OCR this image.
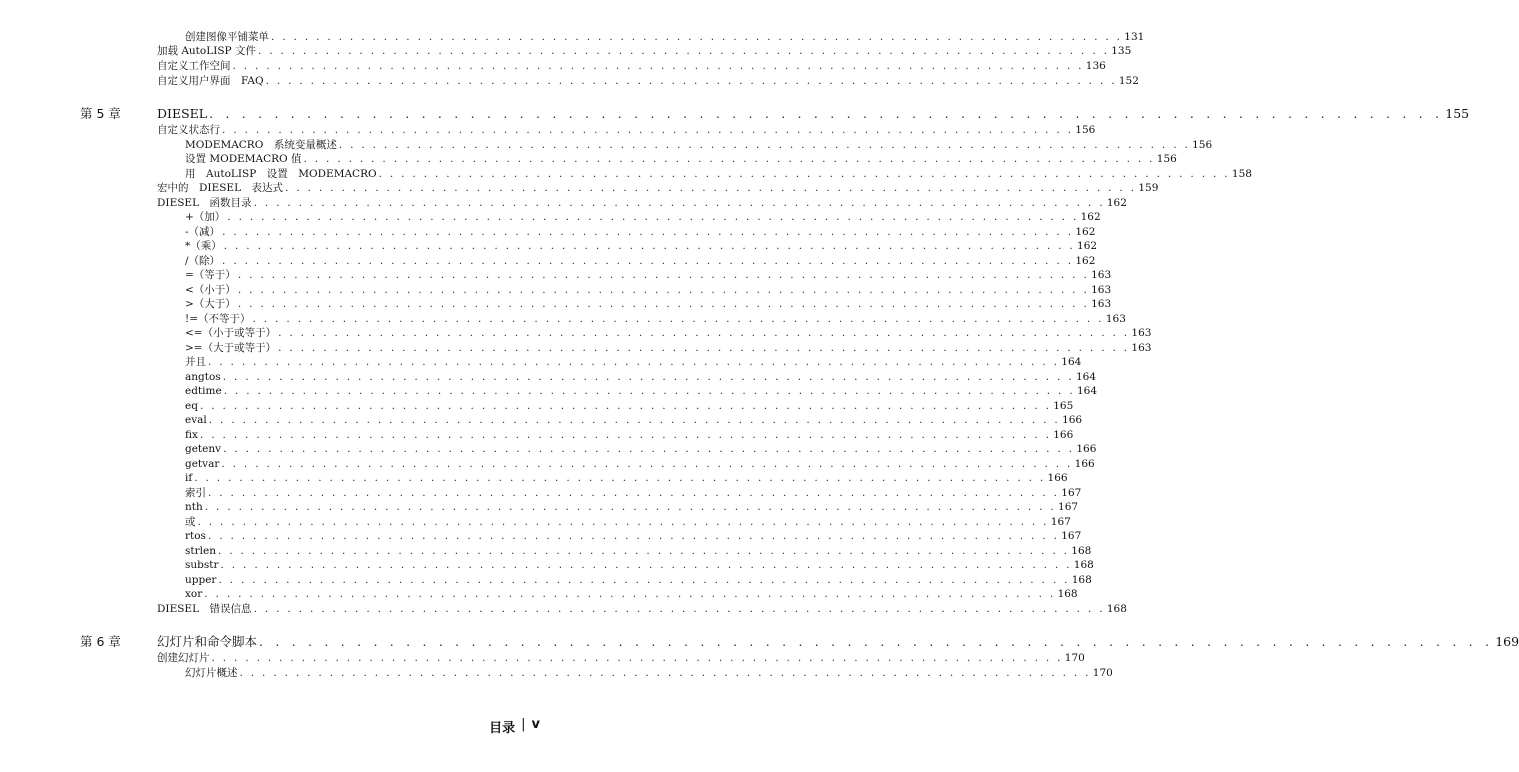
创建图像平铺菜单 . . . . . . . . . . . . . . . . . . . . . . . . . . . . . . . . . . . . . . . . . . . . . . . . . . . . . . . . . . . . . . . . . . . . . . . . . . . . 131
加载 AutoLISP 文件 . . . . . . . . . . . . . . . . . . . . . . . . . . . . . . . . . . . . . . . . . . . . . . . . . . . . . . . . . . . . . . . . . . . . . . . . . . . . 135
自定义工作空间 . . . . . . . . . . . . . . . . . . . . . . . . . . . . . . . . . . . . . . . . . . . . . . . . . . . . . . . . . . . . . . . . . . . . . . . . . . . . 136
自定义用户界面　FAQ . . . . . . . . . . . . . . . . . . . . . . . . . . . . . . . . . . . . . . . . . . . . . . . . . . . . . . . . . . . . . . . . . . . . . . . . . . . . 152
第 5 章	DIESEL . . . . . . . . . . . . . . . . . . . . . . . . . . . . . . . . . . . . . . . . . . . . . . . . . . . . . . . . . . . . . . . . . . . . . . . . . . . . 155
自定义状态行 . . . . . . . . . . . . . . . . . . . . . . . . . . . . . . . . . . . . . . . . . . . . . . . . . . . . . . . . . . . . . . . . . . . . . . . . . . . . 156
MODEMACRO　系统变量概述 . . . . . . . . . . . . . . . . . . . . . . . . . . . . . . . . . . . . . . . . . . . . . . . . . . . . . . . . . . . . . . . . . . . . . . . . . . . . 156
设置 MODEMACRO 值 . . . . . . . . . . . . . . . . . . . . . . . . . . . . . . . . . . . . . . . . . . . . . . . . . . . . . . . . . . . . . . . . . . . . . . . . . . . . 156
用　AutoLISP　设置　MODEMACRO . . . . . . . . . . . . . . . . . . . . . . . . . . . . . . . . . . . . . . . . . . . . . . . . . . . . . . . . . . . . . . . . . . . . . . . . . . . . 158
宏中的　DIESEL　表达式 . . . . . . . . . . . . . . . . . . . . . . . . . . . . . . . . . . . . . . . . . . . . . . . . . . . . . . . . . . . . . . . . . . . . . . . . . . . . 159
DIESEL　函数目录 . . . . . . . . . . . . . . . . . . . . . . . . . . . . . . . . . . . . . . . . . . . . . . . . . . . . . . . . . . . . . . . . . . . . . . . . . . . . 162
+（加） . . . . . . . . . . . . . . . . . . . . . . . . . . . . . . . . . . . . . . . . . . . . . . . . . . . . . . . . . . . . . . . . . . . . . . . . . . . . 162
-（减） . . . . . . . . . . . . . . . . . . . . . . . . . . . . . . . . . . . . . . . . . . . . . . . . . . . . . . . . . . . . . . . . . . . . . . . . . . . . 162
*（乘） . . . . . . . . . . . . . . . . . . . . . . . . . . . . . . . . . . . . . . . . . . . . . . . . . . . . . . . . . . . . . . . . . . . . . . . . . . . . 162
/（除） . . . . . . . . . . . . . . . . . . . . . . . . . . . . . . . . . . . . . . . . . . . . . . . . . . . . . . . . . . . . . . . . . . . . . . . . . . . . 162
=（等于） . . . . . . . . . . . . . . . . . . . . . . . . . . . . . . . . . . . . . . . . . . . . . . . . . . . . . . . . . . . . . . . . . . . . . . . . . . . . 163
<（小于） . . . . . . . . . . . . . . . . . . . . . . . . . . . . . . . . . . . . . . . . . . . . . . . . . . . . . . . . . . . . . . . . . . . . . . . . . . . . 163
>（大于） . . . . . . . . . . . . . . . . . . . . . . . . . . . . . . . . . . . . . . . . . . . . . . . . . . . . . . . . . . . . . . . . . . . . . . . . . . . . 163
!=（不等于） . . . . . . . . . . . . . . . . . . . . . . . . . . . . . . . . . . . . . . . . . . . . . . . . . . . . . . . . . . . . . . . . . . . . . . . . . . . . 163
<=（小于或等于） . . . . . . . . . . . . . . . . . . . . . . . . . . . . . . . . . . . . . . . . . . . . . . . . . . . . . . . . . . . . . . . . . . . . . . . . . . . . 163
>=（大于或等于） . . . . . . . . . . . . . . . . . . . . . . . . . . . . . . . . . . . . . . . . . . . . . . . . . . . . . . . . . . . . . . . . . . . . . . . . . . . . 163
并且 . . . . . . . . . . . . . . . . . . . . . . . . . . . . . . . . . . . . . . . . . . . . . . . . . . . . . . . . . . . . . . . . . . . . . . . . . . . . 164
angtos . . . . . . . . . . . . . . . . . . . . . . . . . . . . . . . . . . . . . . . . . . . . . . . . . . . . . . . . . . . . . . . . . . . . . . . . . . . . 164
edtime . . . . . . . . . . . . . . . . . . . . . . . . . . . . . . . . . . . . . . . . . . . . . . . . . . . . . . . . . . . . . . . . . . . . . . . . . . . . 164
eq . . . . . . . . . . . . . . . . . . . . . . . . . . . . . . . . . . . . . . . . . . . . . . . . . . . . . . . . . . . . . . . . . . . . . . . . . . . . 165
eval . . . . . . . . . . . . . . . . . . . . . . . . . . . . . . . . . . . . . . . . . . . . . . . . . . . . . . . . . . . . . . . . . . . . . . . . . . . . 166
fix . . . . . . . . . . . . . . . . . . . . . . . . . . . . . . . . . . . . . . . . . . . . . . . . . . . . . . . . . . . . . . . . . . . . . . . . . . . . 166
getenv . . . . . . . . . . . . . . . . . . . . . . . . . . . . . . . . . . . . . . . . . . . . . . . . . . . . . . . . . . . . . . . . . . . . . . . . . . . . 166
getvar . . . . . . . . . . . . . . . . . . . . . . . . . . . . . . . . . . . . . . . . . . . . . . . . . . . . . . . . . . . . . . . . . . . . . . . . . . . . 166
if . . . . . . . . . . . . . . . . . . . . . . . . . . . . . . . . . . . . . . . . . . . . . . . . . . . . . . . . . . . . . . . . . . . . . . . . . . . . 166
索引 . . . . . . . . . . . . . . . . . . . . . . . . . . . . . . . . . . . . . . . . . . . . . . . . . . . . . . . . . . . . . . . . . . . . . . . . . . . . 167
nth . . . . . . . . . . . . . . . . . . . . . . . . . . . . . . . . . . . . . . . . . . . . . . . . . . . . . . . . . . . . . . . . . . . . . . . . . . . . 167
或 . . . . . . . . . . . . . . . . . . . . . . . . . . . . . . . . . . . . . . . . . . . . . . . . . . . . . . . . . . . . . . . . . . . . . . . . . . . . 167
rtos . . . . . . . . . . . . . . . . . . . . . . . . . . . . . . . . . . . . . . . . . . . . . . . . . . . . . . . . . . . . . . . . . . . . . . . . . . . . 167
strlen . . . . . . . . . . . . . . . . . . . . . . . . . . . . . . . . . . . . . . . . . . . . . . . . . . . . . . . . . . . . . . . . . . . . . . . . . . . . 168
substr . . . . . . . . . . . . . . . . . . . . . . . . . . . . . . . . . . . . . . . . . . . . . . . . . . . . . . . . . . . . . . . . . . . . . . . . . . . . 168
upper . . . . . . . . . . . . . . . . . . . . . . . . . . . . . . . . . . . . . . . . . . . . . . . . . . . . . . . . . . . . . . . . . . . . . . . . . . . . 168
xor . . . . . . . . . . . . . . . . . . . . . . . . . . . . . . . . . . . . . . . . . . . . . . . . . . . . . . . . . . . . . . . . . . . . . . . . . . . . 168
DIESEL　错误信息 . . . . . . . . . . . . . . . . . . . . . . . . . . . . . . . . . . . . . . . . . . . . . . . . . . . . . . . . . . . . . . . . . . . . . . . . . . . . 168
第 6 章	幻灯片和命令脚本 . . . . . . . . . . . . . . . . . . . . . . . . . . . . . . . . . . . . . . . . . . . . . . . . . . . . . . . . . . . . . . . . . . . . . . . . . . . . 169
创建幻灯片 . . . . . . . . . . . . . . . . . . . . . . . . . . . . . . . . . . . . . . . . . . . . . . . . . . . . . . . . . . . . . . . . . . . . . . . . . . . . 170
幻灯片概述 . . . . . . . . . . . . . . . . . . . . . . . . . . . . . . . . . . . . . . . . . . . . . . . . . . . . . . . . . . . . . . . . . . . . . . . . . . . . 170
目录 | v
